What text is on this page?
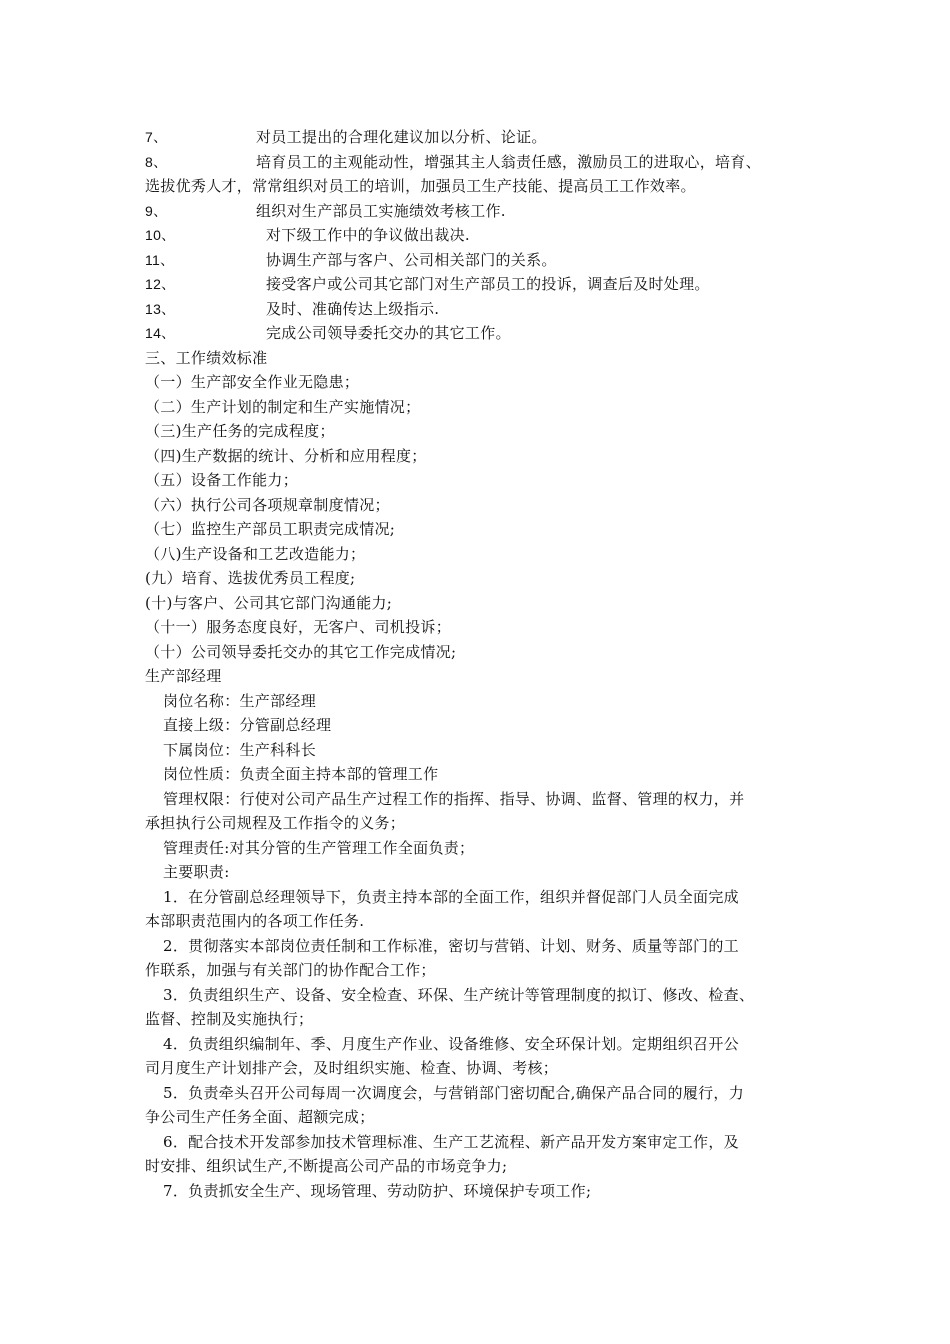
7、	对员工提出的合理化建议加以分析、论证。
8、	培育员工的主观能动性，增强其主人翁责任感，激励员工的进取心，培育、
选拔优秀人才，常常组织对员工的培训，加强员工生产技能、提高员工工作效率。
9、	组织对生产部员工实施绩效考核工作.
10、	对下级工作中的争议做出裁决.
11、	协调生产部与客户、公司相关部门的关系。
12、	接受客户或公司其它部门对生产部员工的投诉，调查后及时处理。
13、	及时、准确传达上级指示.
14、	完成公司领导委托交办的其它工作。
三、工作绩效标准
（一）生产部安全作业无隐患；
（二）生产计划的制定和生产实施情况；
（三)生产任务的完成程度；
（四)生产数据的统计、分析和应用程度；
（五）设备工作能力；
（六）执行公司各项规章制度情况；
（七）监控生产部员工职责完成情况;
（八)生产设备和工艺改造能力；
(九）培育、选拔优秀员工程度;
(十)与客户、公司其它部门沟通能力;
（十一）服务态度良好，无客户、司机投诉；
（十）公司领导委托交办的其它工作完成情况;
生产部经理
岗位名称：生产部经理
直接上级：分管副总经理
下属岗位：生产科科长
岗位性质：负责全面主持本部的管理工作
管理权限：行使对公司产品生产过程工作的指挥、指导、协调、监督、管理的权力，并
承担执行公司规程及工作指令的义务；
管理责任:对其分管的生产管理工作全面负责；
主要职责:
1．在分管副总经理领导下，负责主持本部的全面工作，组织并督促部门人员全面完成
本部职责范围内的各项工作任务.
2．贯彻落实本部岗位责任制和工作标准，密切与营销、计划、财务、质量等部门的工
作联系，加强与有关部门的协作配合工作；
3．负责组织生产、设备、安全检查、环保、生产统计等管理制度的拟订、修改、检查、
监督、控制及实施执行；
4．负责组织编制年、季、月度生产作业、设备维修、安全环保计划。定期组织召开公
司月度生产计划排产会，及时组织实施、检查、协调、考核；
5．负责牵头召开公司每周一次调度会，与营销部门密切配合,确保产品合同的履行，力
争公司生产任务全面、超额完成；
6．配合技术开发部参加技术管理标准、生产工艺流程、新产品开发方案审定工作，及
时安排、组织试生产,不断提高公司产品的市场竞争力;
7．负责抓安全生产、现场管理、劳动防护、环境保护专项工作;
